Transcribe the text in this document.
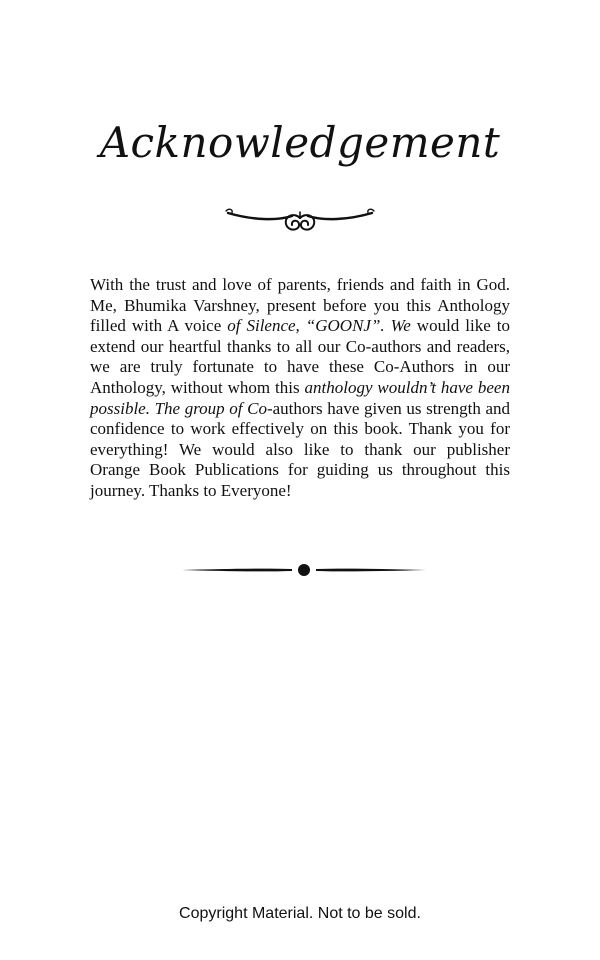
Acknowledgement

With the trust and love of parents, friends and faith in God. Me, Bhumika Varshney, present before you this Anthology filled with A voice of Silence, “GOONJ”. We would like to extend our heartful thanks to all our Co-authors and readers, we are truly fortunate to have these Co-Authors in our Anthology, without whom this anthology wouldn’t have been possible. The group of Co-authors have given us strength and confidence to work effectively on this book. Thank you for everything! We would also like to thank our publisher Orange Book Publications for guiding us throughout this journey. Thanks to Everyone!

Copyright Material. Not to be sold.
